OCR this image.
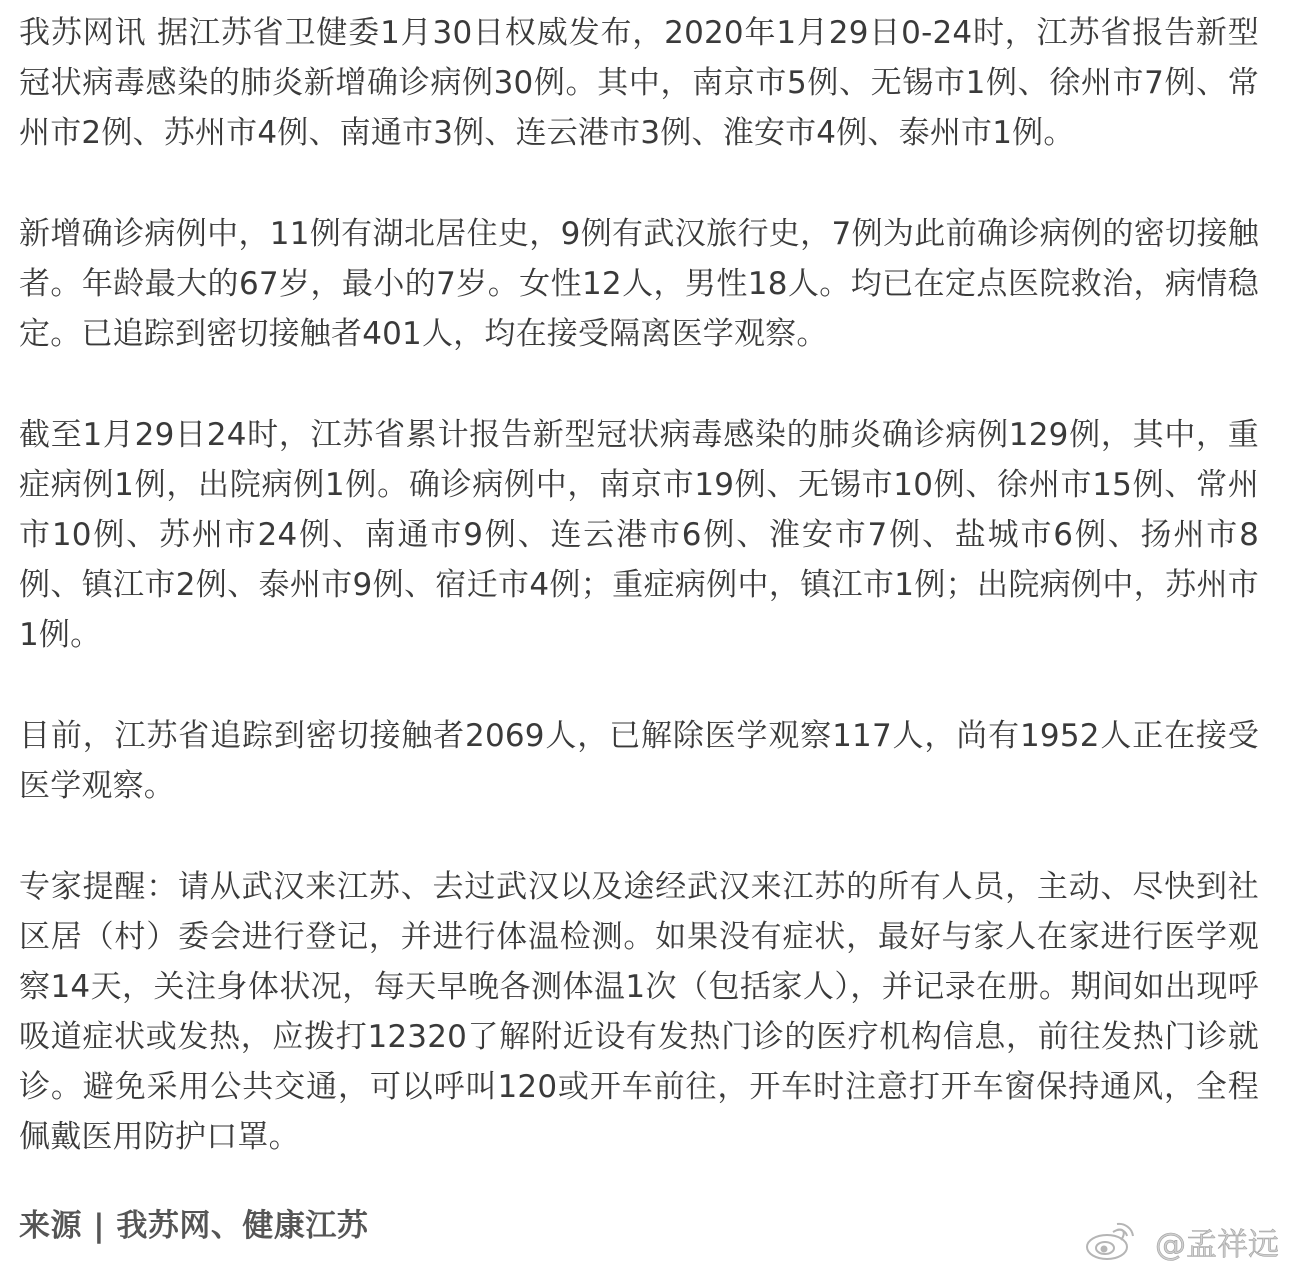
我苏网讯 据江苏省卫健委1月30日权威发布，2020年1月29日0-24时，江苏省报告新型冠状病毒感染的肺炎新增确诊病例30例。其中，南京市5例、无锡市1例、徐州市7例、常州市2例、苏州市4例、南通市3例、连云港市3例、淮安市4例、泰州市1例。

新增确诊病例中，11例有湖北居住史，9例有武汉旅行史，7例为此前确诊病例的密切接触者。年龄最大的67岁，最小的7岁。女性12人，男性18人。均已在定点医院救治，病情稳定。已追踪到密切接触者401人，均在接受隔离医学观察。

截至1月29日24时，江苏省累计报告新型冠状病毒感染的肺炎确诊病例129例，其中，重症病例1例，出院病例1例。确诊病例中，南京市19例、无锡市10例、徐州市15例、常州市10例、苏州市24例、南通市9例、连云港市6例、淮安市7例、盐城市6例、扬州市8例、镇江市2例、泰州市9例、宿迁市4例；重症病例中，镇江市1例；出院病例中，苏州市1例。

目前，江苏省追踪到密切接触者2069人，已解除医学观察117人，尚有1952人正在接受医学观察。

专家提醒：请从武汉来江苏、去过武汉以及途经武汉来江苏的所有人员，主动、尽快到社区居（村）委会进行登记，并进行体温检测。如果没有症状，最好与家人在家进行医学观察14天，关注身体状况，每天早晚各测体温1次（包括家人），并记录在册。期间如出现呼吸道症状或发热，应拨打12320了解附近设有发热门诊的医疗机构信息，前往发热门诊就诊。避免采用公共交通，可以呼叫120或开车前往，开车时注意打开车窗保持通风，全程佩戴医用防护口罩。

来源 | 我苏网、健康江苏
@孟祥远
